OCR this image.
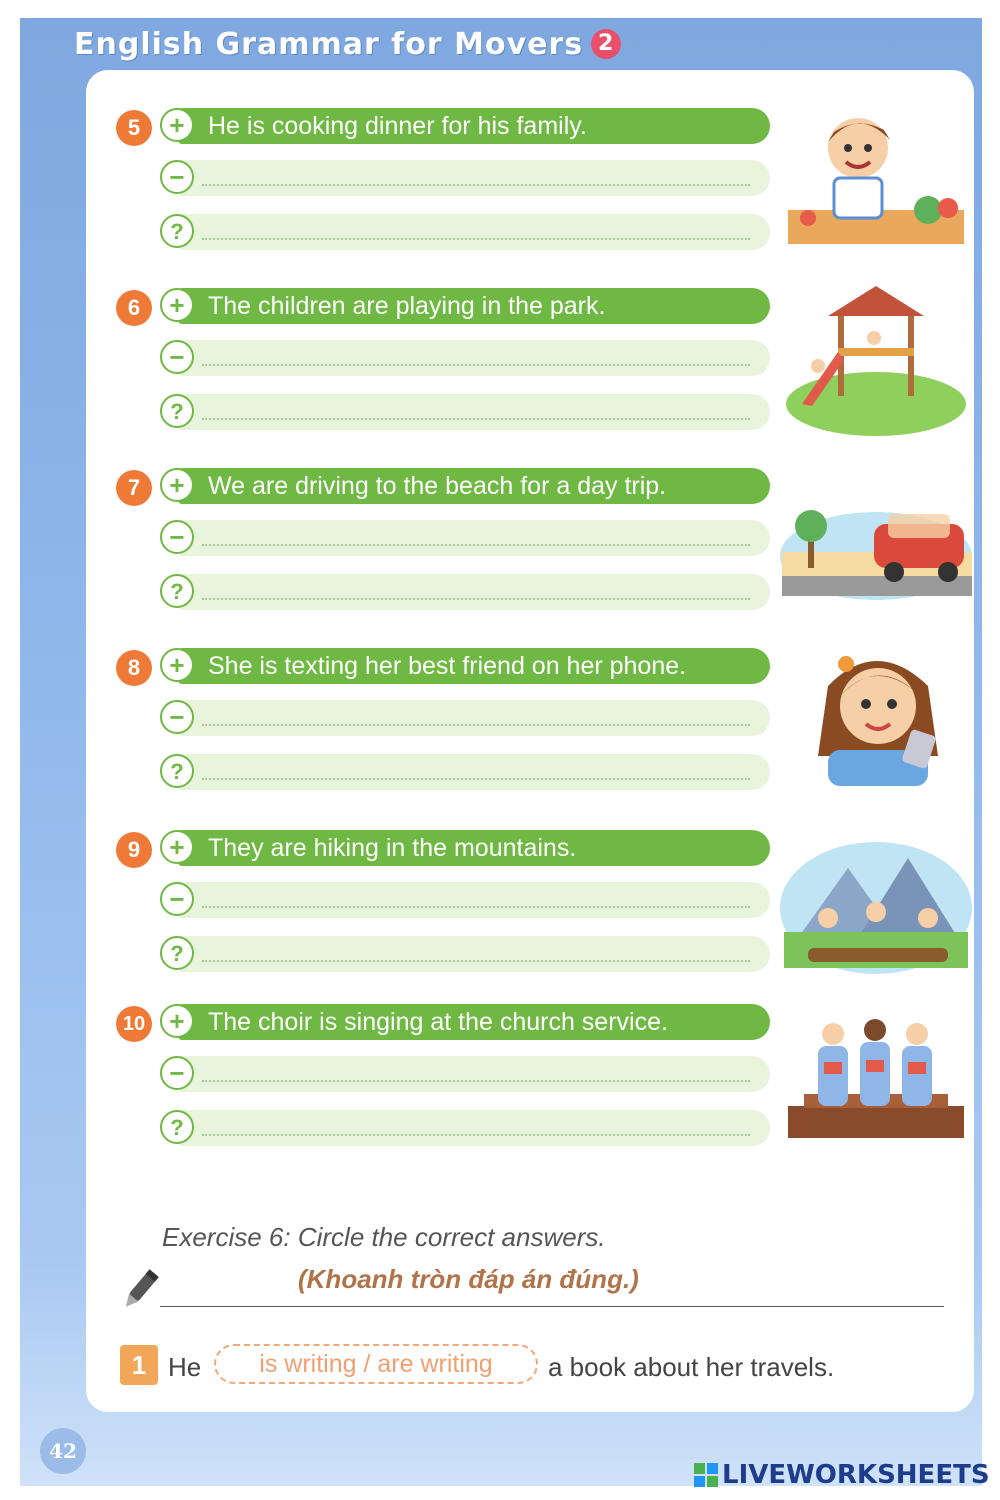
English Grammar for Movers 2
5	+ He is cooking dinner for his family.
−
?
6	+ The children are playing in the park.
−
?
7	+ We are driving to the beach for a day trip.
−
?
8	+ She is texting her best friend on her phone.
−
?
9	+ They are hiking in the mountains.
−
?
10 + The choir is singing at the church service.
−
?
Exercise 6: Circle the correct answers.
(Khoanh tròn đáp án đúng.)
1 He	is writing / are writing	a book about her travels.
42
LIVEWORKSHEETS
